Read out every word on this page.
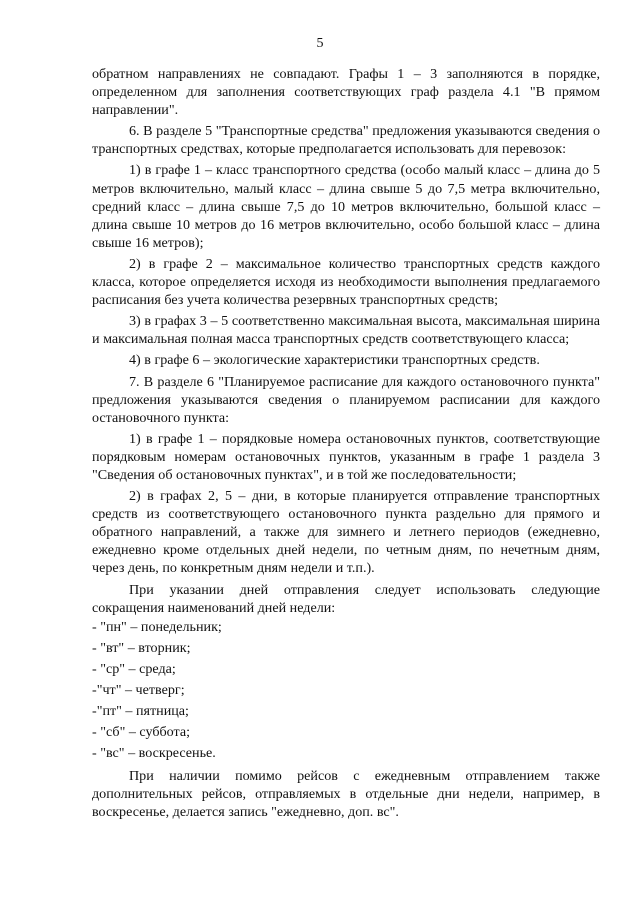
5

обратном направлениях не совпадают. Графы 1 – 3 заполняются в порядке, определенном для заполнения соответствующих граф раздела 4.1 "В прямом направлении".

6. В разделе 5 "Транспортные средства" предложения указываются сведения о транспортных средствах, которые предполагается использовать для перевозок:

1) в графе 1 – класс транспортного средства (особо малый класс – длина до 5 метров включительно, малый класс – длина свыше 5 до 7,5 метра включительно, средний класс – длина свыше 7,5 до 10 метров включительно, большой класс – длина свыше 10 метров до 16 метров включительно, особо большой класс – длина свыше 16 метров);

2) в графе 2 – максимальное количество транспортных средств каждого класса, которое определяется исходя из необходимости выполнения предлагаемого расписания без учета количества резервных транспортных средств;

3) в графах 3 – 5 соответственно максимальная высота, максимальная ширина и максимальная полная масса транспортных средств соответствующего класса;

4) в графе 6 – экологические характеристики транспортных средств.

7. В разделе 6 "Планируемое расписание для каждого остановочного пункта" предложения указываются сведения о планируемом расписании для каждого остановочного пункта:

1) в графе 1 – порядковые номера остановочных пунктов, соответствующие порядковым номерам остановочных пунктов, указанным в графе 1 раздела 3 "Сведения об остановочных пунктах", и в той же последовательности;

2) в графах 2, 5 – дни, в которые планируется отправление транспортных средств из соответствующего остановочного пункта раздельно для прямого и обратного направлений, а также для зимнего и летнего периодов (ежедневно, ежедневно кроме отдельных дней недели, по четным дням, по нечетным дням, через день, по конкретным дням недели и т.п.).

При указании дней отправления следует использовать следующие сокращения наименований дней недели:

- "пн" – понедельник;
- "вт" – вторник;
- "ср" – среда;
-"чт" – четверг;
-"пт" – пятница;
- "сб" – суббота;
- "вс" – воскресенье.

При наличии помимо рейсов с ежедневным отправлением также дополнительных рейсов, отправляемых в отдельные дни недели, например, в воскресенье, делается запись "ежедневно, доп. вс".
